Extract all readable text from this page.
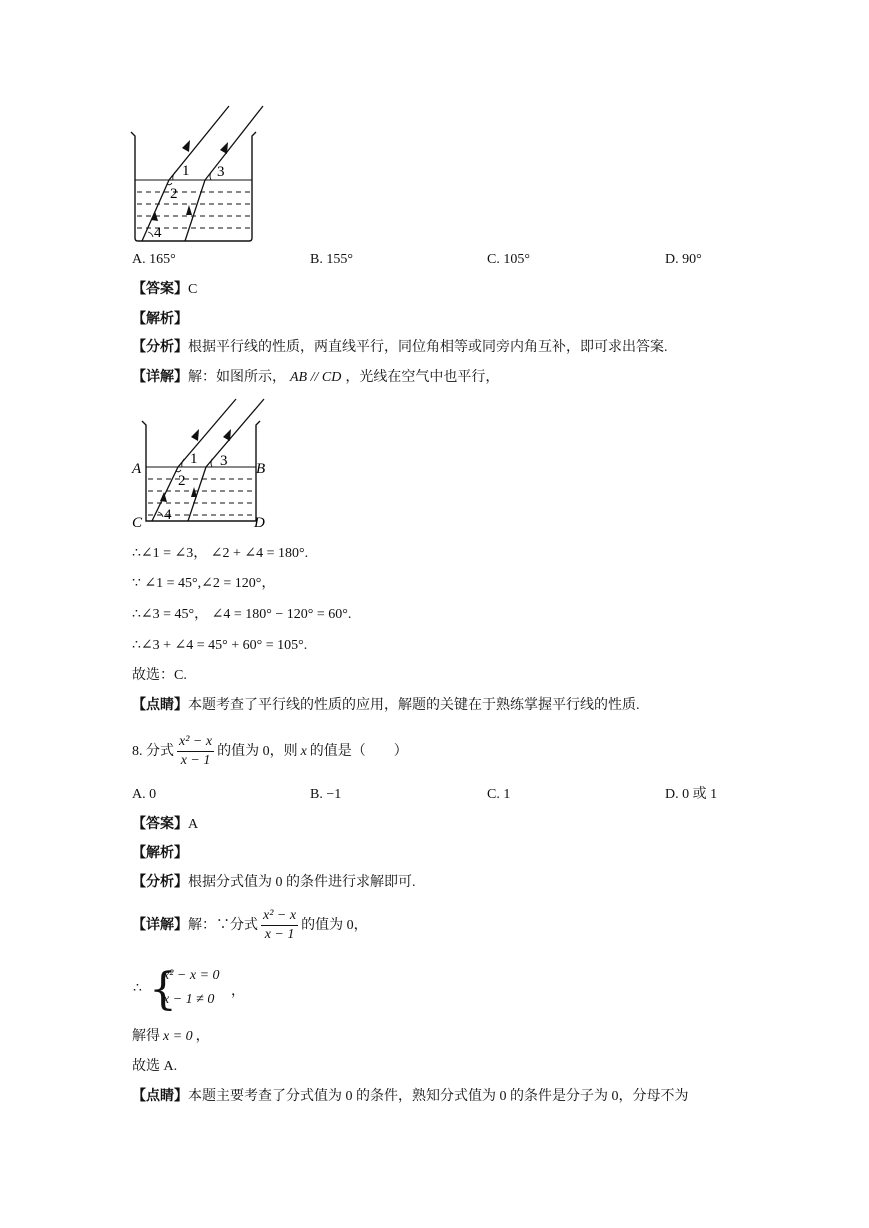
1
2
3
4
A. 165°	B. 155°	C. 105°	D. 90°
【答案】C
【解析】
【分析】根据平行线的性质，两直线平行，同位角相等或同旁内角互补，即可求出答案.
【详解】解：如图所示， AB // CD ，光线在空气中也平行，
1
2
3
4
A	B
C	D
∴∠1 = ∠3， ∠2 + ∠4 = 180°.
∵ ∠1 = 45°,∠2 = 120°，
∴∠3 = 45°， ∠4 = 180° − 120° = 60°.
∴∠3 + ∠4 = 45° + 60° = 105°.
故选：C.
【点睛】本题考查了平行线的性质的应用，解题的关键在于熟练掌握平行线的性质.
8. 分式 $\frac{\text{x² − x}}{x - 1}$ 的值为 0，则 x 的值是（　　）
A. 0	B. −1	C. 1	D. 0 或 1
【答案】A
【解析】
【分析】根据分式值为 0 的条件进行求解即可.
【详解】解：∵分式 $\frac{\text{x² − x}}{x - 1}$ 的值为 0，
∴ {
x² − x = 0
x − 1 ≠ 0
，
解得 x = 0 ，
故选 A.
【点睛】本题主要考查了分式值为 0 的条件，熟知分式值为 0 的条件是分子为 0，分母不为
